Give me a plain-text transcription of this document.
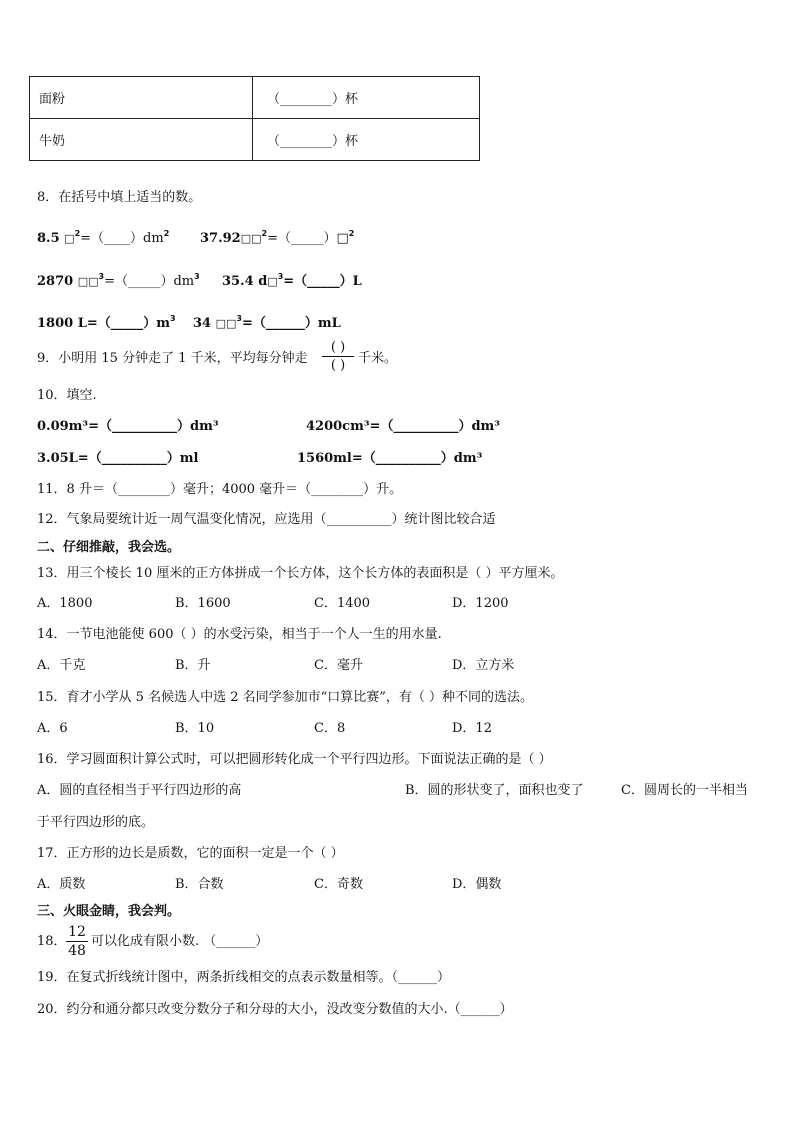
面粉	（________）杯
牛奶	（________）杯
8．在括号中填上适当的数。
8.5 $□^2=(\_\_\_\_)dm^2$ 37.92□□$^2$=（_____）□$^2$
2870 $□□^3=(\_\_\_\_\_)dm^3$ 35.4 d□$^3$=（_____）L
1800 $L=(\_\_\_\_\_)m^3$ 34 □□$^3$=（______）mL
9．小明用 15 分钟走了 1 千米，平均每分钟走
( )
( ) 千米。
10．填空.
0.09m³=（__________）dm³	4200cm³=（__________）dm³
3.05L=（__________）ml	1560ml=（__________）dm³
11．8 升＝（________）毫升；4000 毫升＝（________）升。
12．气象局要统计近一周气温变化情况，应选用（__________）统计图比较合适
二、仔细推敲，我会选。
13．用三个棱长 10 厘米的正方体拼成一个长方体，这个长方体的表面积是（ ）平方厘米。
A．1800	B．1600	C．1400	D．1200
14．一节电池能使 600（ ）的水受污染，相当于一个人一生的用水量.
A．千克	B．升	C．毫升	D．立方米
15．育才小学从 5 名候选人中选 2 名同学参加市“口算比赛”，有（ ）种不同的选法。
A．6	B．10	C．8	D．12
16．学习圆面积计算公式时，可以把圆形转化成一个平行四边形。下面说法正确的是（ ）
A．圆的直径相当于平行四边形的高	B．圆的形状变了，面积也变了	C．圆周长的一半相当
于平行四边形的底。
17．正方形的边长是质数，它的面积一定是一个（ ）
A．质数	B．合数	C．奇数	D．偶数
三、火眼金睛，我会判。
18．
12
48
可以化成有限小数. （______）
19．在复式折线统计图中，两条折线相交的点表示数量相等。（______）
20．约分和通分都只改变分数分子和分母的大小，没改变分数值的大小.（______）
